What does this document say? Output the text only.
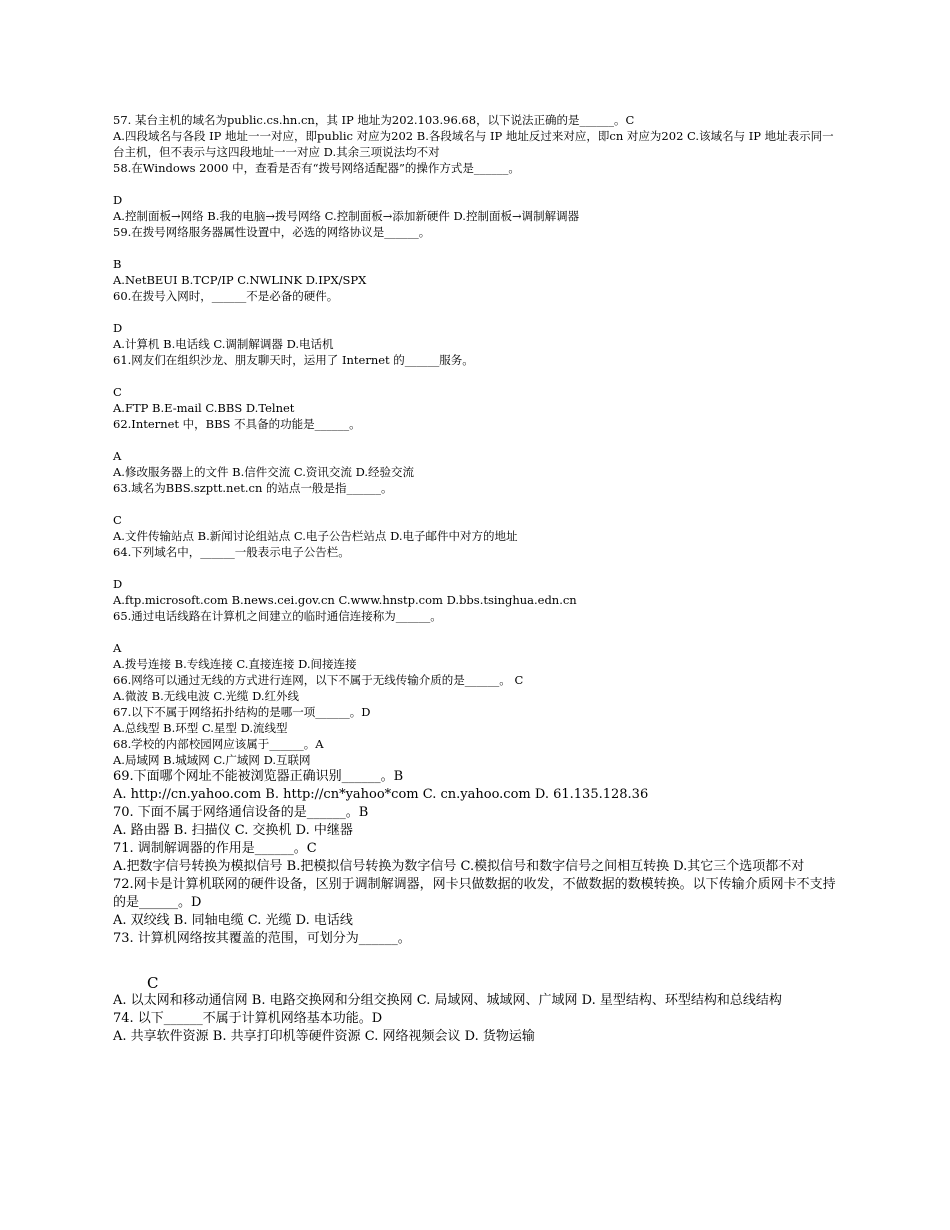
57. 某台主机的域名为public.cs.hn.cn，其 IP 地址为202.103.96.68，以下说法正确的是______。C

A.四段域名与各段 IP 地址一一对应，即public 对应为202 B.各段域名与 IP 地址反过来对应，即cn 对应为202 C.该域名与 IP 地址表示同一台主机，但不表示与这四段地址一一对应 D.其余三项说法均不对

58.在Windows 2000 中，查看是否有“拨号网络适配器”的操作方式是______。

D

A.控制面板→网络 B.我的电脑→拨号网络 C.控制面板→添加新硬件 D.控制面板→调制解调器

59.在拨号网络服务器属性设置中，必选的网络协议是______。

B

A.NetBEUI B.TCP/IP C.NWLINK D.IPX/SPX

60.在拨号入网时，______不是必备的硬件。

D

A.计算机 B.电话线 C.调制解调器 D.电话机

61.网友们在组织沙龙、朋友聊天时，运用了 Internet 的______服务。

C

A.FTP B.E-mail C.BBS D.Telnet

62.Internet 中，BBS 不具备的功能是______。

A

A.修改服务器上的文件 B.信件交流 C.资讯交流 D.经验交流

63.域名为BBS.szptt.net.cn 的站点一般是指______。

C

A.文件传输站点 B.新闻讨论组站点 C.电子公告栏站点 D.电子邮件中对方的地址

64.下列域名中，______一般表示电子公告栏。

D

A.ftp.microsoft.com B.news.cei.gov.cn C.www.hnstp.com D.bbs.tsinghua.edn.cn

65.通过电话线路在计算机之间建立的临时通信连接称为______。

A

A.拨号连接 B.专线连接 C.直接连接 D.间接连接

66.网络可以通过无线的方式进行连网，以下不属于无线传输介质的是______。 C

A.微波 B.无线电波 C.光缆 D.红外线

67.以下不属于网络拓扑结构的是哪一项______。D

A.总线型 B.环型 C.星型 D.流线型

68.学校的内部校园网应该属于______。A

A.局域网 B.城域网 C.广域网 D.互联网

69.下面哪个网址不能被浏览器正确识别______。B

A. http://cn.yahoo.com B. http://cn*yahoo*com C. cn.yahoo.com D. 61.135.128.36

70. 下面不属于网络通信设备的是______。B

A. 路由器 B. 扫描仪 C. 交换机 D. 中继器

71. 调制解调器的作用是______。C

A.把数字信号转换为模拟信号 B.把模拟信号转换为数字信号 C.模拟信号和数字信号之间相互转换 D.其它三个选项都不对

72.网卡是计算机联网的硬件设备，区别于调制解调器，网卡只做数据的收发，不做数据的数模转换。以下传输介质网卡不支持的是______。D

A. 双绞线 B. 同轴电缆 C. 光缆 D. 电话线

73. 计算机网络按其覆盖的范围，可划分为______。

C

A. 以太网和移动通信网 B. 电路交换网和分组交换网 C. 局域网、城域网、广域网 D. 星型结构、环型结构和总线结构

74. 以下______不属于计算机网络基本功能。D

A. 共享软件资源 B. 共享打印机等硬件资源 C. 网络视频会议 D. 货物运输
